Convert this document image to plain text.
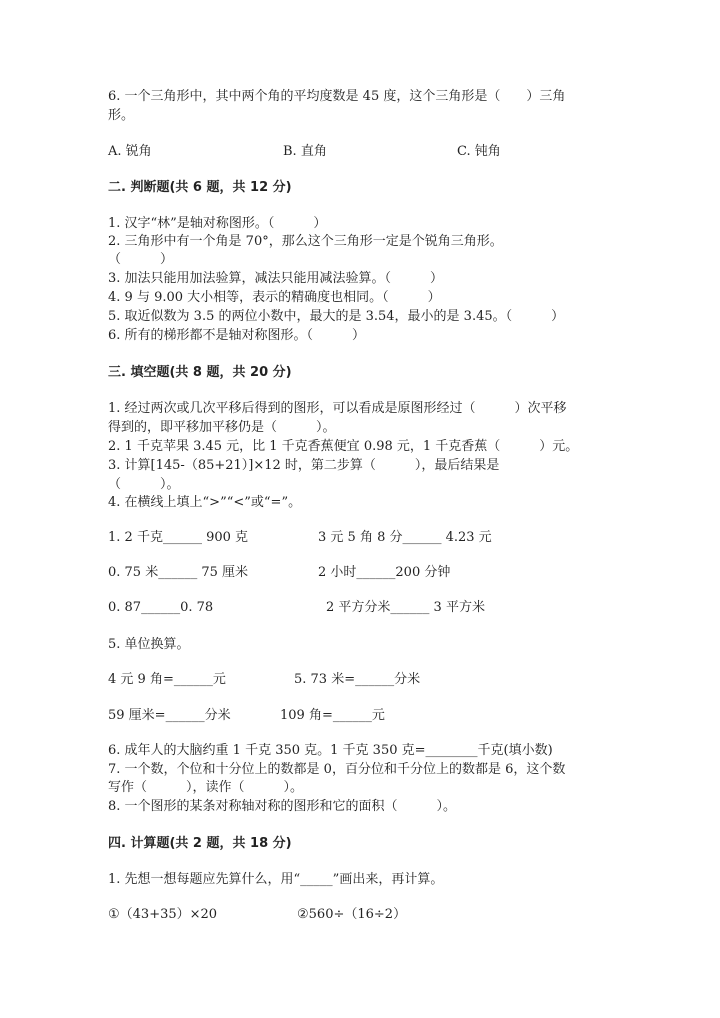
6. 一个三角形中，其中两个角的平均度数是 45 度，这个三角形是（　　）三角
形。
A. 锐角	B. 直角	C. 钝角
二. 判断题(共 6 题，共 12 分)
1. 汉字“林”是轴对称图形。（　　　）
2. 三角形中有一个角是 70°，那么这个三角形一定是个锐角三角形。
（　　　）
3. 加法只能用加法验算，减法只能用减法验算。（　　　）
4. 9 与 9.00 大小相等，表示的精确度也相同。（　　　）
5. 取近似数为 3.5 的两位小数中，最大的是 3.54，最小的是 3.45。（　　　）
6. 所有的梯形都不是轴对称图形。（　　　）
三. 填空题(共 8 题，共 20 分)
1. 经过两次或几次平移后得到的图形，可以看成是原图形经过（　　　）次平移
得到的，即平移加平移仍是（　　　）。
2. 1 千克苹果 3.45 元，比 1 千克香蕉便宜 0.98 元，1 千克香蕉（　　　）元。
3. 计算[145-（85+21）]×12 时，第二步算（　　　），最后结果是
（　　　）。
4. 在横线上填上“>”“<”或“=”。
1. 2 千克______ 900 克	3 元 5 角 8 分______ 4.23 元
0. 75 米______ 75 厘米	2 小时______200 分钟
0. 87______0. 78	2 平方分米______ 3 平方米
5. 单位换算。
4 元 9 角=______元	5. 73 米=______分米
59 厘米=______分米	109 角=______元
6. 成年人的大脑约重 1 千克 350 克。1 千克 350 克=________千克(填小数)
7. 一个数，个位和十分位上的数都是 0，百分位和千分位上的数都是 6，这个数
写作（　　　），读作（　　　）。
8. 一个图形的某条对称轴对称的图形和它的面积（　　　）。
四. 计算题(共 2 题，共 18 分)
1. 先想一想每题应先算什么，用“_____”画出来，再计算。
①（43+35）×20	②560÷（16÷2）
